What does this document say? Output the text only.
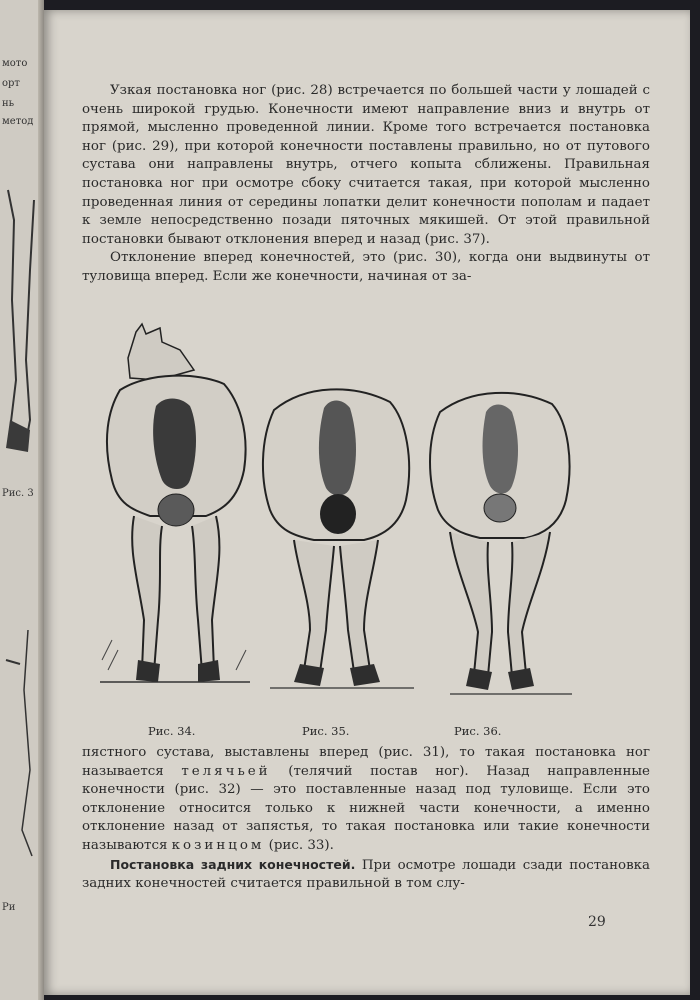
мото
орт
нь
метод
Рис. 3
Ри

Узкая постановка ног (рис. 28) встречается по большей части у лошадей с очень широкой грудью. Конечности имеют направление вниз и внутрь от прямой, мысленно проведенной линии. Кроме того встречается постановка ног (рис. 29), при которой конечности поставлены правильно, но от путового сустава они направлены внутрь, отчего копыта сближены. Правильная постановка ног при осмотре сбоку считается такая, при которой мысленно проведенная линия от середины лопатки делит конечности пополам и падает к земле непосредственно позади пяточных мякишей. От этой правильной постановки бывают отклонения вперед и назад (рис. 37).

Отклонение вперед конечностей, это (рис. 30), когда они выдвинуты от туловища вперед. Если же конечности, начиная от за-

Рис. 34.	Рис. 35.	Рис. 36.

пястного сустава, выставлены вперед (рис. 31), то такая постановка ног называется телячьей (телячий постав ног). Назад направленные конечности (рис. 32) — это поставленные назад под туловище. Если это отклонение относится только к нижней части конечности, а именно отклонение назад от запястья, то такая постановка или такие конечности называются козинцом (рис. 33).

Постановка задних конечностей. При осмотре лошади сзади постановка задних конечностей считается правильной в том слу-

29
